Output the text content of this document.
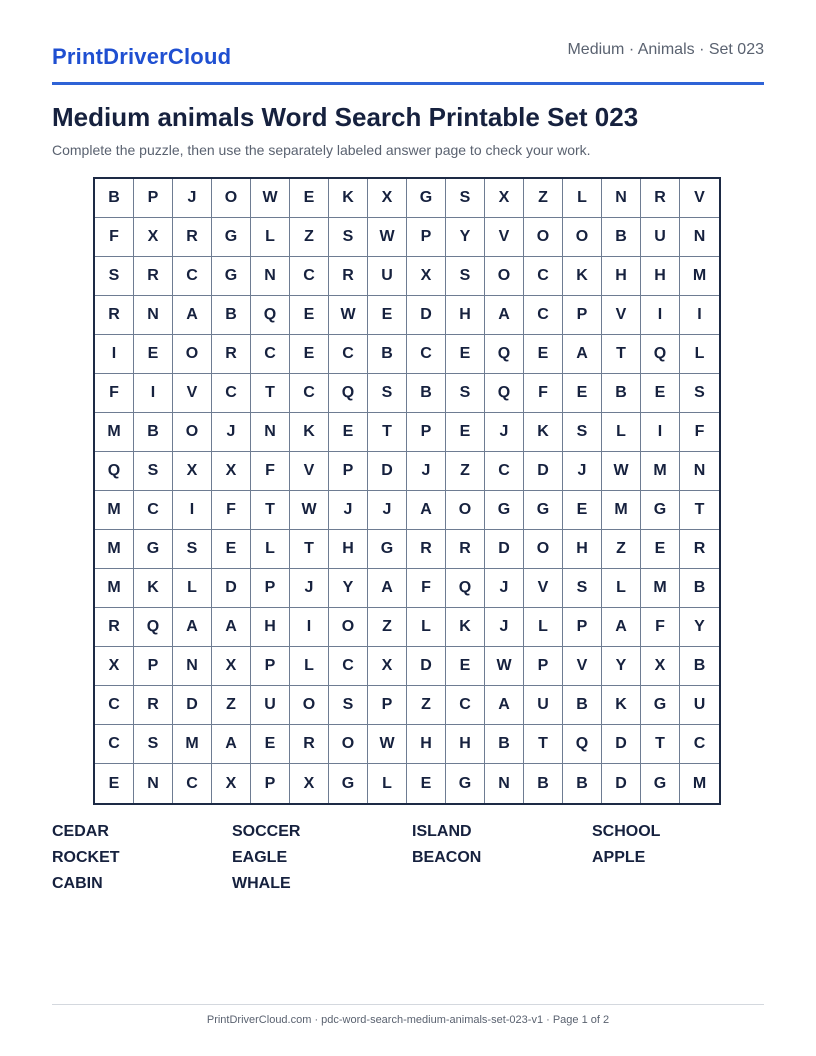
PrintDriverCloud	Medium · Animals · Set 023
Medium animals Word Search Printable Set 023
Complete the puzzle, then use the separately labeled answer page to check your work.
B	P	J	O	W	E	K	X	G	S	X	Z	L	N	R	V
F	X	R	G	L	Z	S	W	P	Y	V	O	O	B	U	N
S	R	C	G	N	C	R	U	X	S	O	C	K	H	H	M
R	N	A	B	Q	E	W	E	D	H	A	C	P	V	I	I
I	E	O	R	C	E	C	B	C	E	Q	E	A	T	Q	L
F	I	V	C	T	C	Q	S	B	S	Q	F	E	B	E	S
M	B	O	J	N	K	E	T	P	E	J	K	S	L	I	F
Q	S	X	X	F	V	P	D	J	Z	C	D	J	W	M	N
M	C	I	F	T	W	J	J	A	O	G	G	E	M	G	T
M	G	S	E	L	T	H	G	R	R	D	O	H	Z	E	R
M	K	L	D	P	J	Y	A	F	Q	J	V	S	L	M	B
R	Q	A	A	H	I	O	Z	L	K	J	L	P	A	F	Y
X	P	N	X	P	L	C	X	D	E	W	P	V	Y	X	B
C	R	D	Z	U	O	S	P	Z	C	A	U	B	K	G	U
C	S	M	A	E	R	O	W	H	H	B	T	Q	D	T	C
E	N	C	X	P	X	G	L	E	G	N	B	B	D	G	M
CEDAR	SOCCER	ISLAND	SCHOOL
ROCKET	EAGLE	BEACON	APPLE
CABIN	WHALE
PrintDriverCloud.com · pdc-word-search-medium-animals-set-023-v1 · Page 1 of 2
